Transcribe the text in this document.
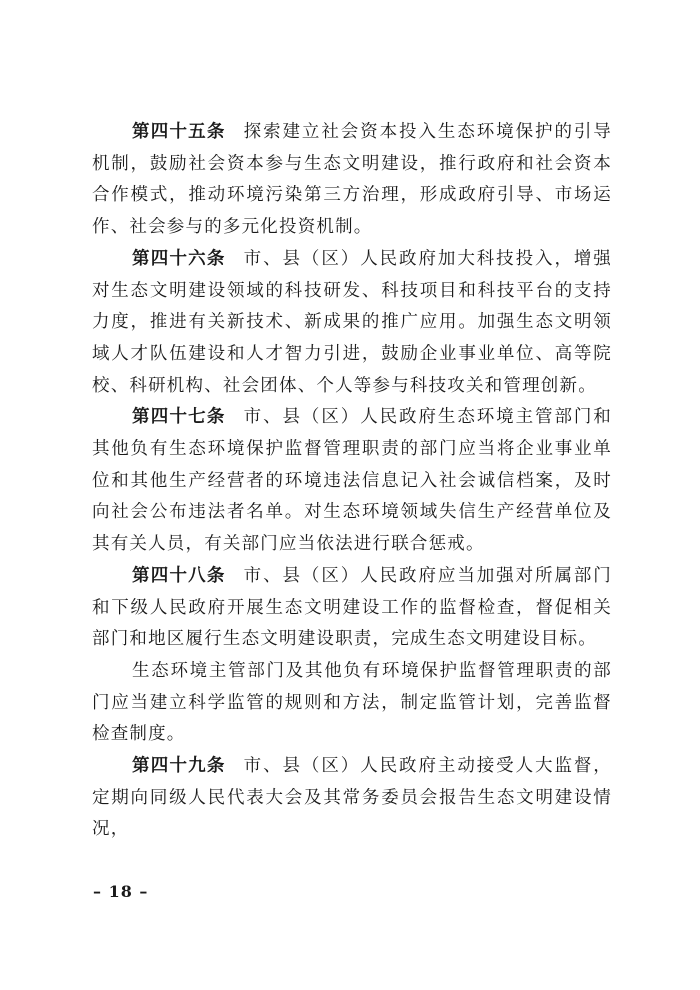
第四十五条 探索建立社会资本投入生态环境保护的引导机制，鼓励社会资本参与生态文明建设，推行政府和社会资本合作模式，推动环境污染第三方治理，形成政府引导、市场运作、社会参与的多元化投资机制。

第四十六条 市、县（区）人民政府加大科技投入，增强对生态文明建设领域的科技研发、科技项目和科技平台的支持力度，推进有关新技术、新成果的推广应用。加强生态文明领域人才队伍建设和人才智力引进，鼓励企业事业单位、高等院校、科研机构、社会团体、个人等参与科技攻关和管理创新。

第四十七条 市、县（区）人民政府生态环境主管部门和其他负有生态环境保护监督管理职责的部门应当将企业事业单位和其他生产经营者的环境违法信息记入社会诚信档案，及时向社会公布违法者名单。对生态环境领域失信生产经营单位及其有关人员，有关部门应当依法进行联合惩戒。

第四十八条 市、县（区）人民政府应当加强对所属部门和下级人民政府开展生态文明建设工作的监督检查，督促相关部门和地区履行生态文明建设职责，完成生态文明建设目标。

生态环境主管部门及其他负有环境保护监督管理职责的部门应当建立科学监管的规则和方法，制定监管计划，完善监督检查制度。

第四十九条 市、县（区）人民政府主动接受人大监督，定期向同级人民代表大会及其常务委员会报告生态文明建设情况，

– 18 –
